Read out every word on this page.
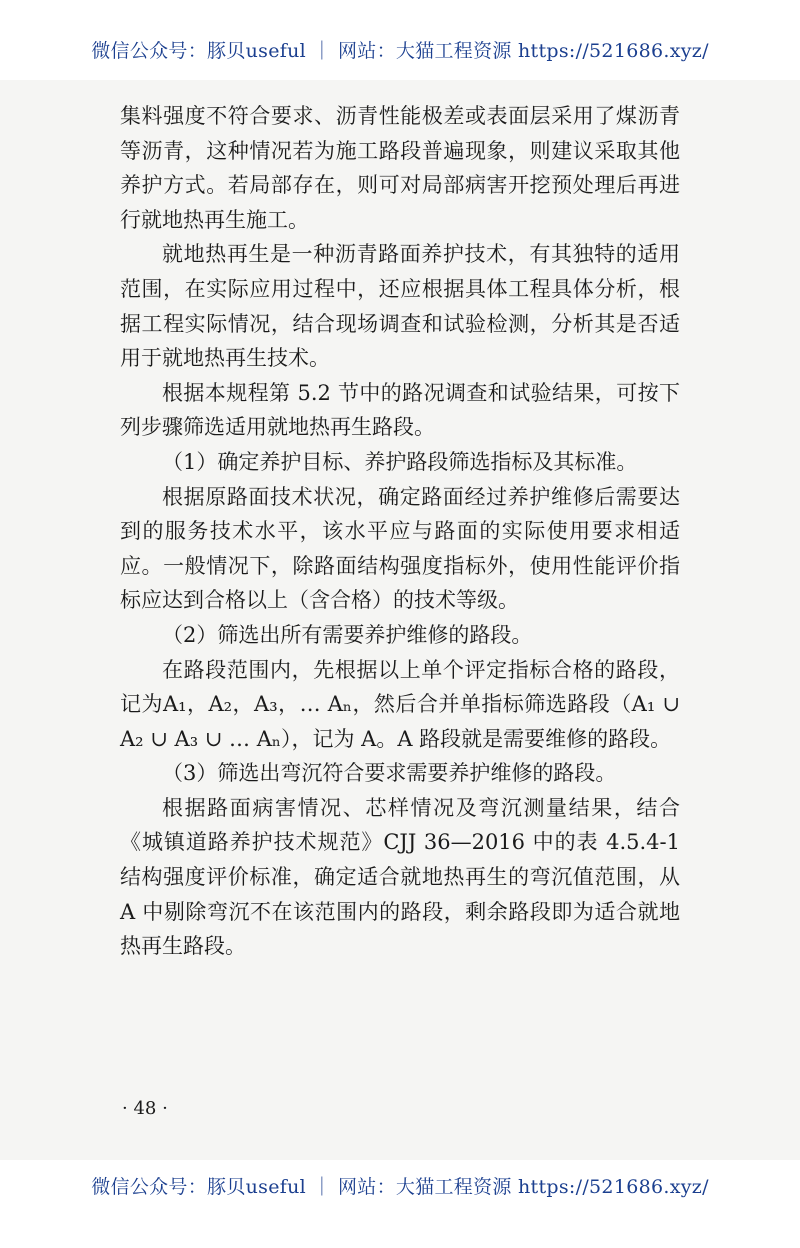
微信公众号：豚贝useful ｜ 网站：大猫工程资源 https://521686.xyz/

集料强度不符合要求、沥青性能极差或表面层采用了煤沥青等沥青，这种情况若为施工路段普遍现象，则建议采取其他养护方式。若局部存在，则可对局部病害开挖预处理后再进行就地热再生施工。

就地热再生是一种沥青路面养护技术，有其独特的适用范围，在实际应用过程中，还应根据具体工程具体分析，根据工程实际情况，结合现场调查和试验检测，分析其是否适用于就地热再生技术。

根据本规程第 5.2 节中的路况调查和试验结果，可按下列步骤筛选适用就地热再生路段。

（1）确定养护目标、养护路段筛选指标及其标准。

根据原路面技术状况，确定路面经过养护维修后需要达到的服务技术水平，该水平应与路面的实际使用要求相适应。一般情况下，除路面结构强度指标外，使用性能评价指标应达到合格以上（含合格）的技术等级。

（2）筛选出所有需要养护维修的路段。

在路段范围内，先根据以上单个评定指标合格的路段，记为A₁，A₂，A₃，… Aₙ，然后合并单指标筛选路段（A₁ ∪ A₂ ∪ A₃ ∪ … Aₙ），记为 A。A 路段就是需要维修的路段。

（3）筛选出弯沉符合要求需要养护维修的路段。

根据路面病害情况、芯样情况及弯沉测量结果，结合《城镇道路养护技术规范》CJJ 36—2016 中的表 4.5.4-1 结构强度评价标准，确定适合就地热再生的弯沉值范围，从 A 中剔除弯沉不在该范围内的路段，剩余路段即为适合就地热再生路段。

· 48 ·
微信公众号：豚贝useful ｜ 网站：大猫工程资源 https://521686.xyz/
